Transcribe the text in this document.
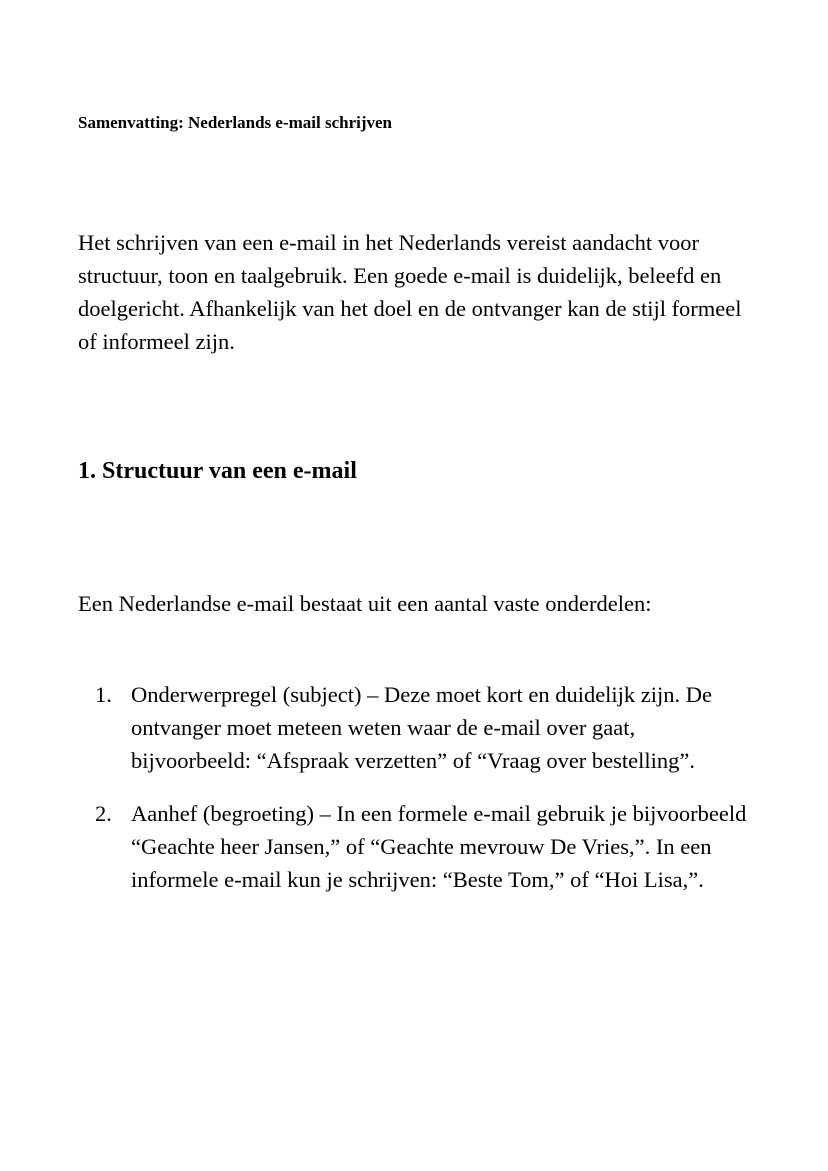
Samenvatting: Nederlands e-mail schrijven

Het schrijven van een e-mail in het Nederlands vereist aandacht voor structuur, toon en taalgebruik. Een goede e-mail is duidelijk, beleefd en doelgericht. Afhankelijk van het doel en de ontvanger kan de stijl formeel of informeel zijn.

1. Structuur van een e-mail

Een Nederlandse e-mail bestaat uit een aantal vaste onderdelen:

1. Onderwerpregel (subject) – Deze moet kort en duidelijk zijn. De ontvanger moet meteen weten waar de e-mail over gaat, bijvoorbeeld: “Afspraak verzetten” of “Vraag over bestelling”.
2. Aanhef (begroeting) – In een formele e-mail gebruik je bijvoorbeeld “Geachte heer Jansen,” of “Geachte mevrouw De Vries,”. In een informele e-mail kun je schrijven: “Beste Tom,” of “Hoi Lisa,”.
